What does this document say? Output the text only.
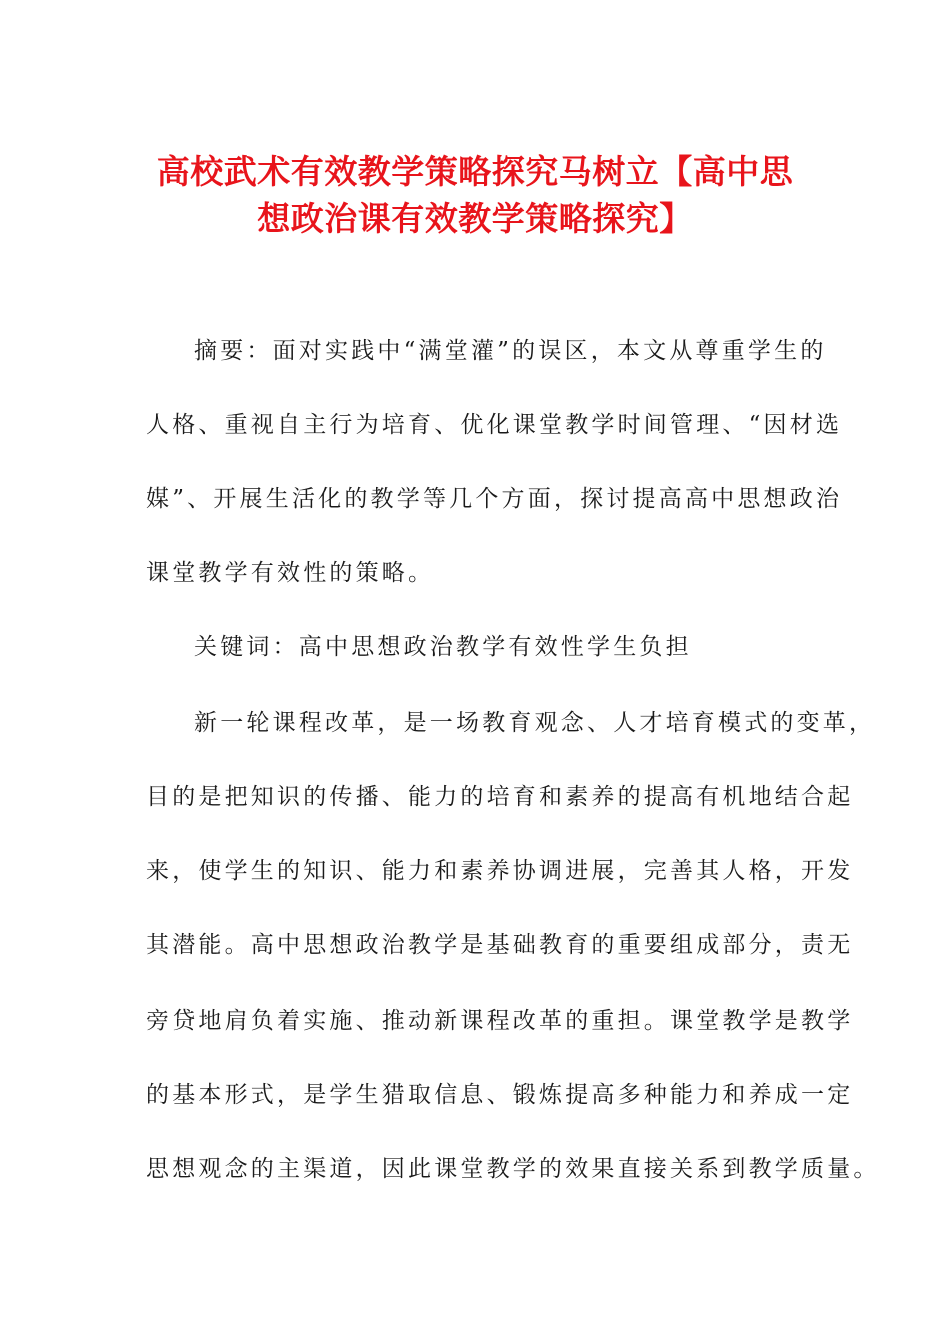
高校武术有效教学策略探究马树立【高中思
想政治课有效教学策略探究】
摘要：面对实践中“满堂灌”的误区，本文从尊重学生的
人格、重视自主行为培育、优化课堂教学时间管理、“因材选
媒”、开展生活化的教学等几个方面，探讨提高高中思想政治
课堂教学有效性的策略。
关键词：高中思想政治教学有效性学生负担
新一轮课程改革，是一场教育观念、人才培育模式的变革，
目的是把知识的传播、能力的培育和素养的提高有机地结合起
来，使学生的知识、能力和素养协调进展，完善其人格，开发
其潜能。高中思想政治教学是基础教育的重要组成部分，责无
旁贷地肩负着实施、推动新课程改革的重担。课堂教学是教学
的基本形式，是学生猎取信息、锻炼提高多种能力和养成一定
思想观念的主渠道，因此课堂教学的效果直接关系到教学质量。
